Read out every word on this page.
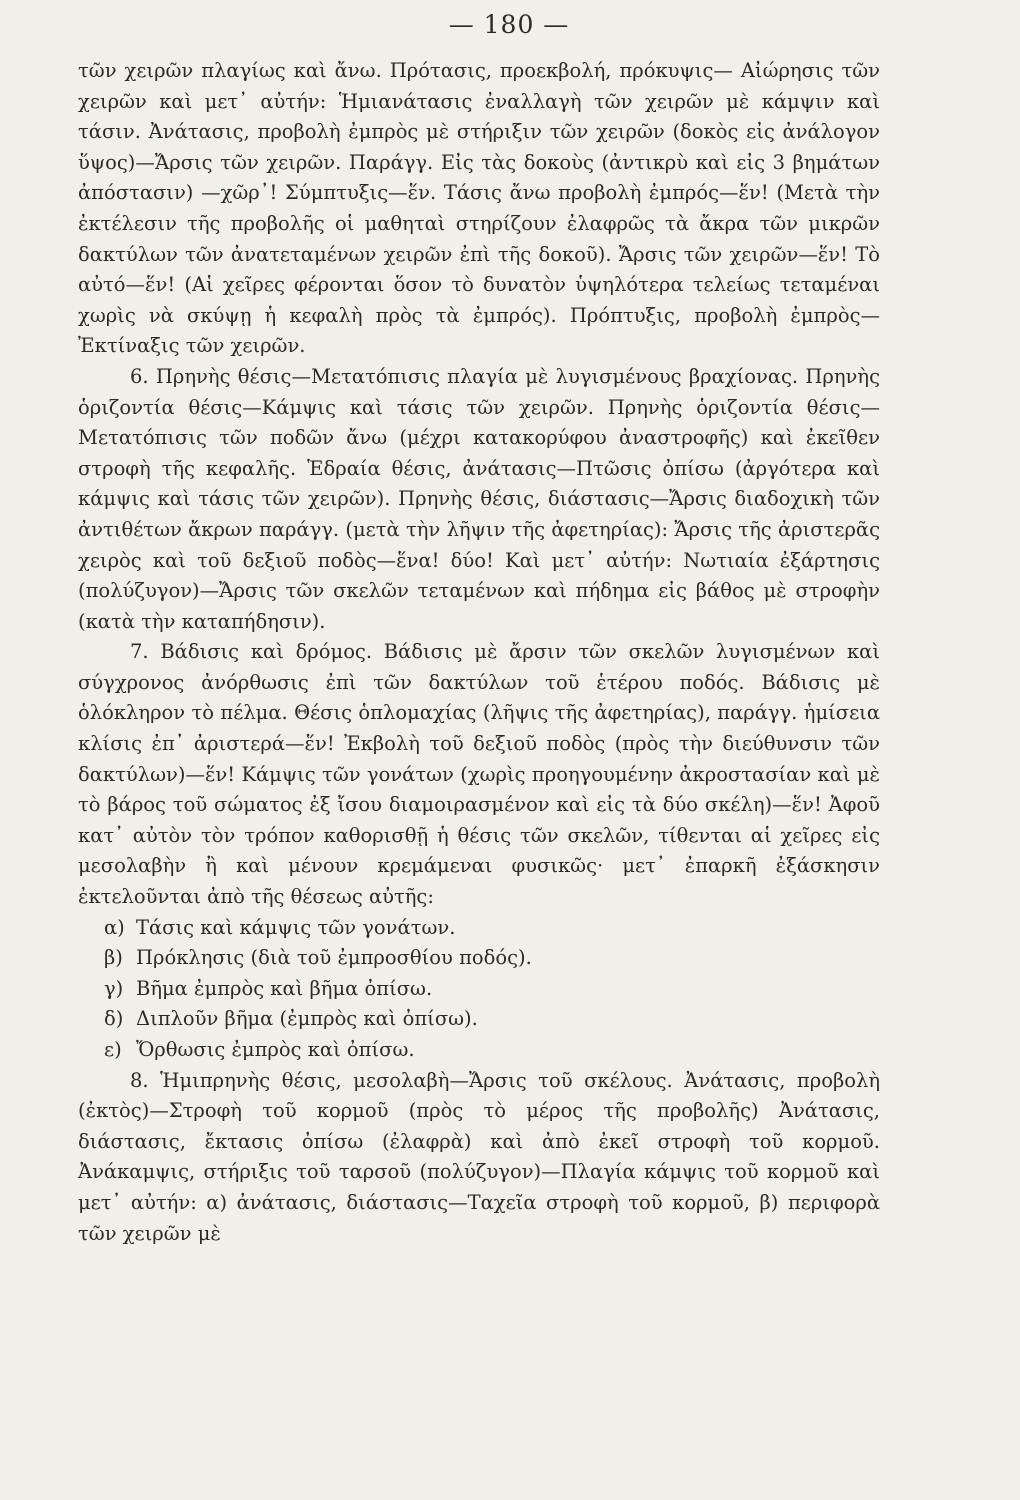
— 180 —

τῶν χειρῶν πλαγίως καὶ ἄνω. Πρότασις, προεκβολή, πρόκυψις— Αἰώρησις τῶν χειρῶν καὶ μετ᾽ αὐτήν: Ἡμιανάτασις ἐναλλαγὴ τῶν χειρῶν μὲ κάμψιν καὶ τάσιν. Ἀνάτασις, προβολὴ ἐμπρὸς μὲ στήριξιν τῶν χειρῶν (δοκὸς εἰς ἀνάλογον ὕψος)—Ἄρσις τῶν χειρῶν. Παράγγ. Εἰς τὰς δοκοὺς (ἀντικρὺ καὶ εἰς 3 βημάτων ἀπόστασιν) —χῶρ᾽! Σύμπτυξις—ἕν. Τάσις ἄνω προβολὴ ἐμπρός—ἕν! (Μετὰ τὴν ἐκτέλεσιν τῆς προβολῆς οἱ μαθηταὶ στηρίζουν ἐλαφρῶς τὰ ἄκρα τῶν μικρῶν δακτύλων τῶν ἀνατεταμένων χειρῶν ἐπὶ τῆς δοκοῦ). Ἄρσις τῶν χειρῶν—ἕν! Τὸ αὐτό—ἕν! (Αἱ χεῖρες φέρονται ὅσον τὸ δυνατὸν ὑψηλότερα τελείως τεταμέναι χωρὶς νὰ σκύψῃ ἡ κεφαλὴ πρὸς τὰ ἐμπρός). Πρόπτυξις, προβολὴ ἐμπρὸς—Ἐκτίναξις τῶν χειρῶν.

6. Πρηνὴς θέσις—Μετατόπισις πλαγία μὲ λυγισμένους βραχίονας. Πρηνὴς ὁριζοντία θέσις—Κάμψις καὶ τάσις τῶν χειρῶν. Πρηνὴς ὁριζοντία θέσις—Μετατόπισις τῶν ποδῶν ἄνω (μέχρι κατακορύφου ἀναστροφῆς) καὶ ἐκεῖθεν στροφὴ τῆς κεφαλῆς. Ἑδραία θέσις, ἀνάτασις—Πτῶσις ὀπίσω (ἀργότερα καὶ κάμψις καὶ τάσις τῶν χειρῶν). Πρηνὴς θέσις, διάστασις—Ἄρσις διαδοχικὴ τῶν ἀντιθέτων ἄκρων παράγγ. (μετὰ τὴν λῆψιν τῆς ἀφετηρίας): Ἄρσις τῆς ἀριστερᾶς χειρὸς καὶ τοῦ δεξιοῦ ποδὸς—ἕνα! δύο! Καὶ μετ᾽ αὐτήν: Νωτιαία ἐξάρτησις (πολύζυγον)—Ἄρσις τῶν σκελῶν τεταμένων καὶ πήδημα εἰς βάθος μὲ στροφὴν (κατὰ τὴν καταπήδησιν).

7. Βάδισις καὶ δρόμος. Βάδισις μὲ ἄρσιν τῶν σκελῶν λυγισμένων καὶ σύγχρονος ἀνόρθωσις ἐπὶ τῶν δακτύλων τοῦ ἑτέρου ποδός. Βάδισις μὲ ὁλόκληρον τὸ πέλμα. Θέσις ὁπλομαχίας (λῆψις τῆς ἀφετηρίας), παράγγ. ἡμίσεια κλίσις ἐπ᾽ ἀριστερά—ἕν! Ἐκβολὴ τοῦ δεξιοῦ ποδὸς (πρὸς τὴν διεύθυνσιν τῶν δακτύλων)—ἕν! Κάμψις τῶν γονάτων (χωρὶς προηγουμένην ἀκροστασίαν καὶ μὲ τὸ βάρος τοῦ σώματος ἐξ ἴσου διαμοιρασμένον καὶ εἰς τὰ δύο σκέλη)—ἕν! Ἀφοῦ κατ᾽ αὐτὸν τὸν τρόπον καθορισθῇ ἡ θέσις τῶν σκελῶν, τίθενται αἱ χεῖρες εἰς μεσολαβὴν ἢ καὶ μένουν κρεμάμεναι φυσικῶς· μετ᾽ ἐπαρκῆ ἐξάσκησιν ἐκτελοῦνται ἀπὸ τῆς θέσεως αὐτῆς:

α) Τάσις καὶ κάμψις τῶν γονάτων.
β) Πρόκλησις (διὰ τοῦ ἐμπροσθίου ποδός).
γ) Βῆμα ἐμπρὸς καὶ βῆμα ὀπίσω.
δ) Διπλοῦν βῆμα (ἐμπρὸς καὶ ὀπίσω).
ε) Ὄρθωσις ἐμπρὸς καὶ ὀπίσω.

8. Ἡμιπρηνὴς θέσις, μεσολαβὴ—Ἄρσις τοῦ σκέλους. Ἀνάτασις, προβολὴ (ἐκτὸς)—Στροφὴ τοῦ κορμοῦ (πρὸς τὸ μέρος τῆς προβολῆς) Ἀνάτασις, διάστασις, ἔκτασις ὀπίσω (ἐλαφρὰ) καὶ ἀπὸ ἐκεῖ στροφὴ τοῦ κορμοῦ. Ἀνάκαμψις, στήριξις τοῦ ταρσοῦ (πολύζυγον)—Πλαγία κάμψις τοῦ κορμοῦ καὶ μετ᾽ αὐτήν: α) ἀνάτασις, διάστασις—Ταχεῖα στροφὴ τοῦ κορμοῦ, β) περιφορὰ τῶν χειρῶν μὲ
